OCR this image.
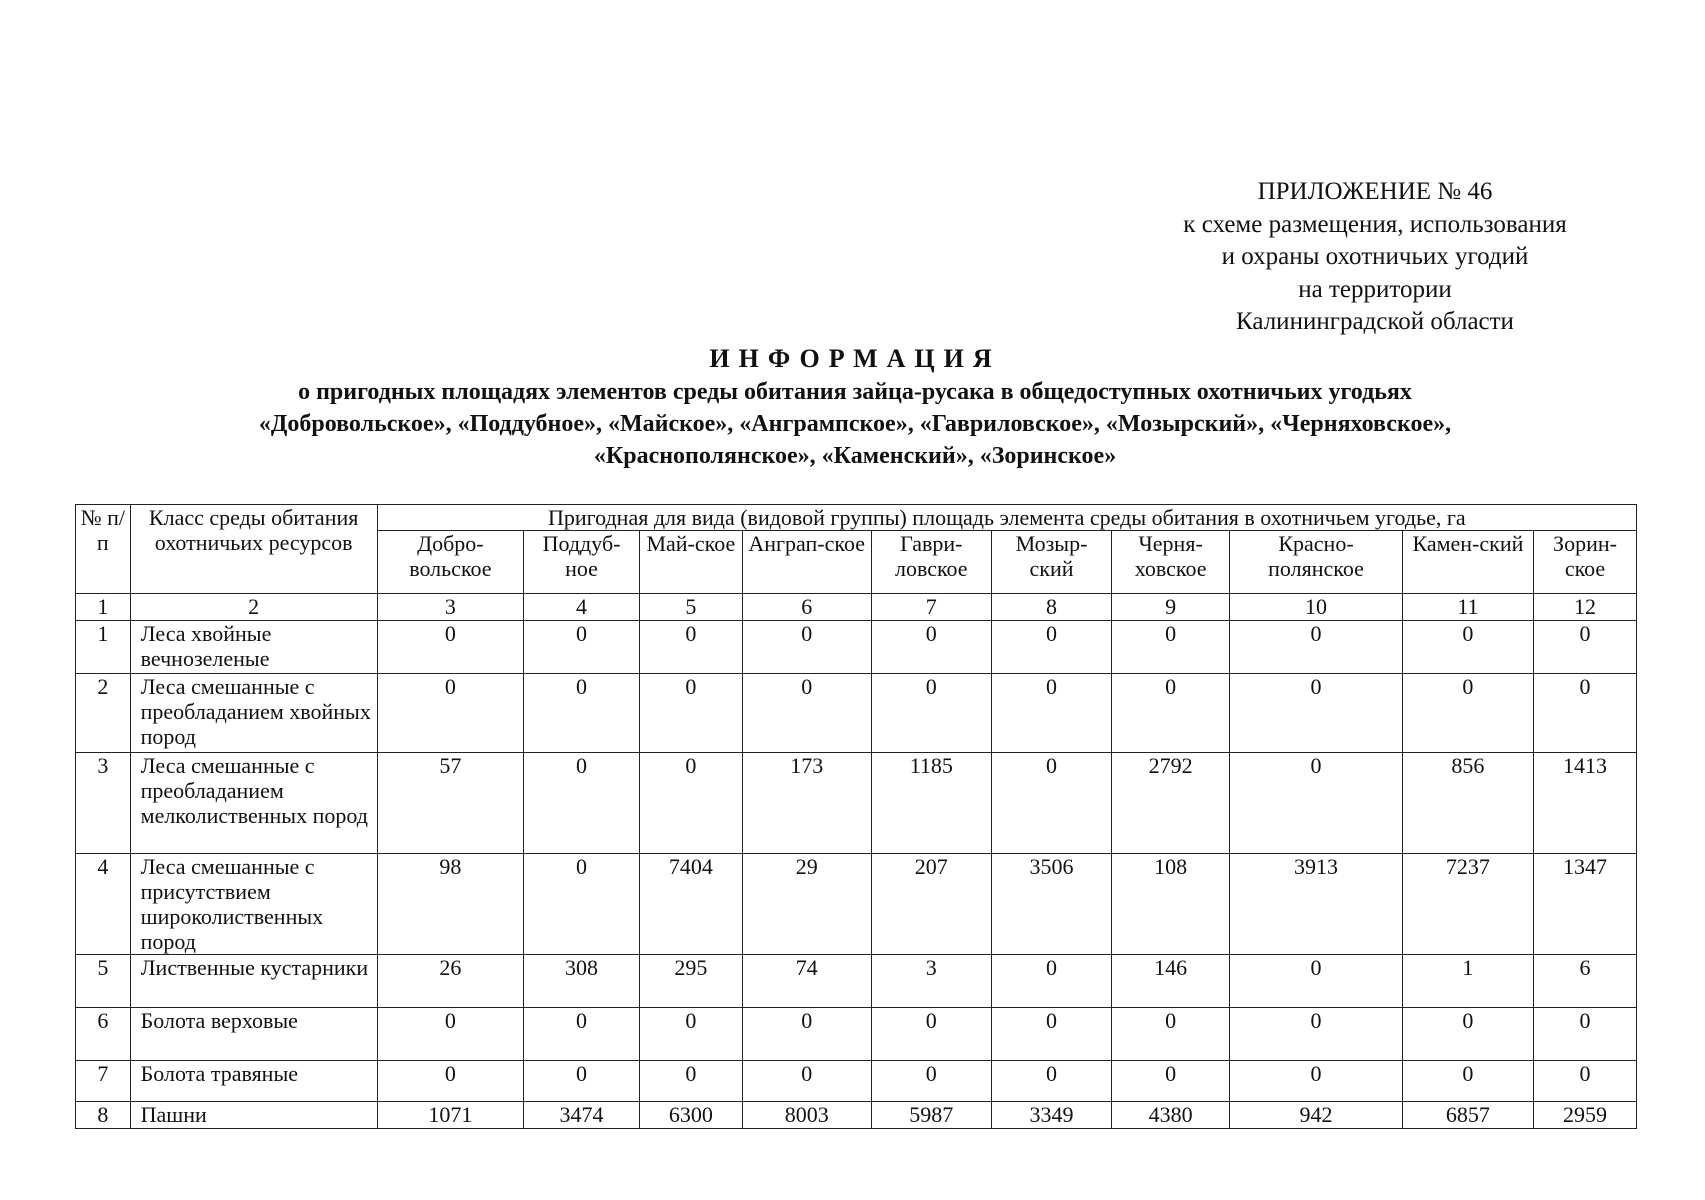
ПРИЛОЖЕНИЕ № 46
к схеме размещения, использования
и охраны охотничьих угодий
на территории
Калининградской области
ИНФОРМАЦИЯ
о пригодных площадях элементов среды обитания зайца-русака в общедоступных охотничьих угодьях
«Добровольское», «Поддубное», «Майское», «Ангрампское», «Гавриловское», «Мозырский», «Черняховское»,
«Краснополянское», «Каменский», «Зоринское»
№ п/п	Класс среды обитания охотничьих ресурсов	Пригодная для вида (видовой группы) площадь элемента среды обитания в охотничьем угодье, га									
		Добро-вольское	Поддуб-ное	Май-ское	Анграп-ское	Гаври-ловское	Мозыр-ский	Черня-ховское	Красно-полянское	Камен-ский	Зорин-ское
1	2	3	4	5	6	7	8	9	10	11	12
1	Леса хвойные вечнозеленые	0	0	0	0	0	0	0	0	0	0
2	Леса смешанные с преобладанием хвойных пород	0	0	0	0	0	0	0	0	0	0
3	Леса смешанные с преобладанием мелколиственных пород	57	0	0	173	1185	0	2792	0	856	1413
4	Леса смешанные с присутствием широколиственных пород	98	0	7404	29	207	3506	108	3913	7237	1347
5	Лиственные кустарники	26	308	295	74	3	0	146	0	1	6
6	Болота верховые	0	0	0	0	0	0	0	0	0	0
7	Болота травяные	0	0	0	0	0	0	0	0	0	0
8	Пашни	1071	3474	6300	8003	5987	3349	4380	942	6857	2959
